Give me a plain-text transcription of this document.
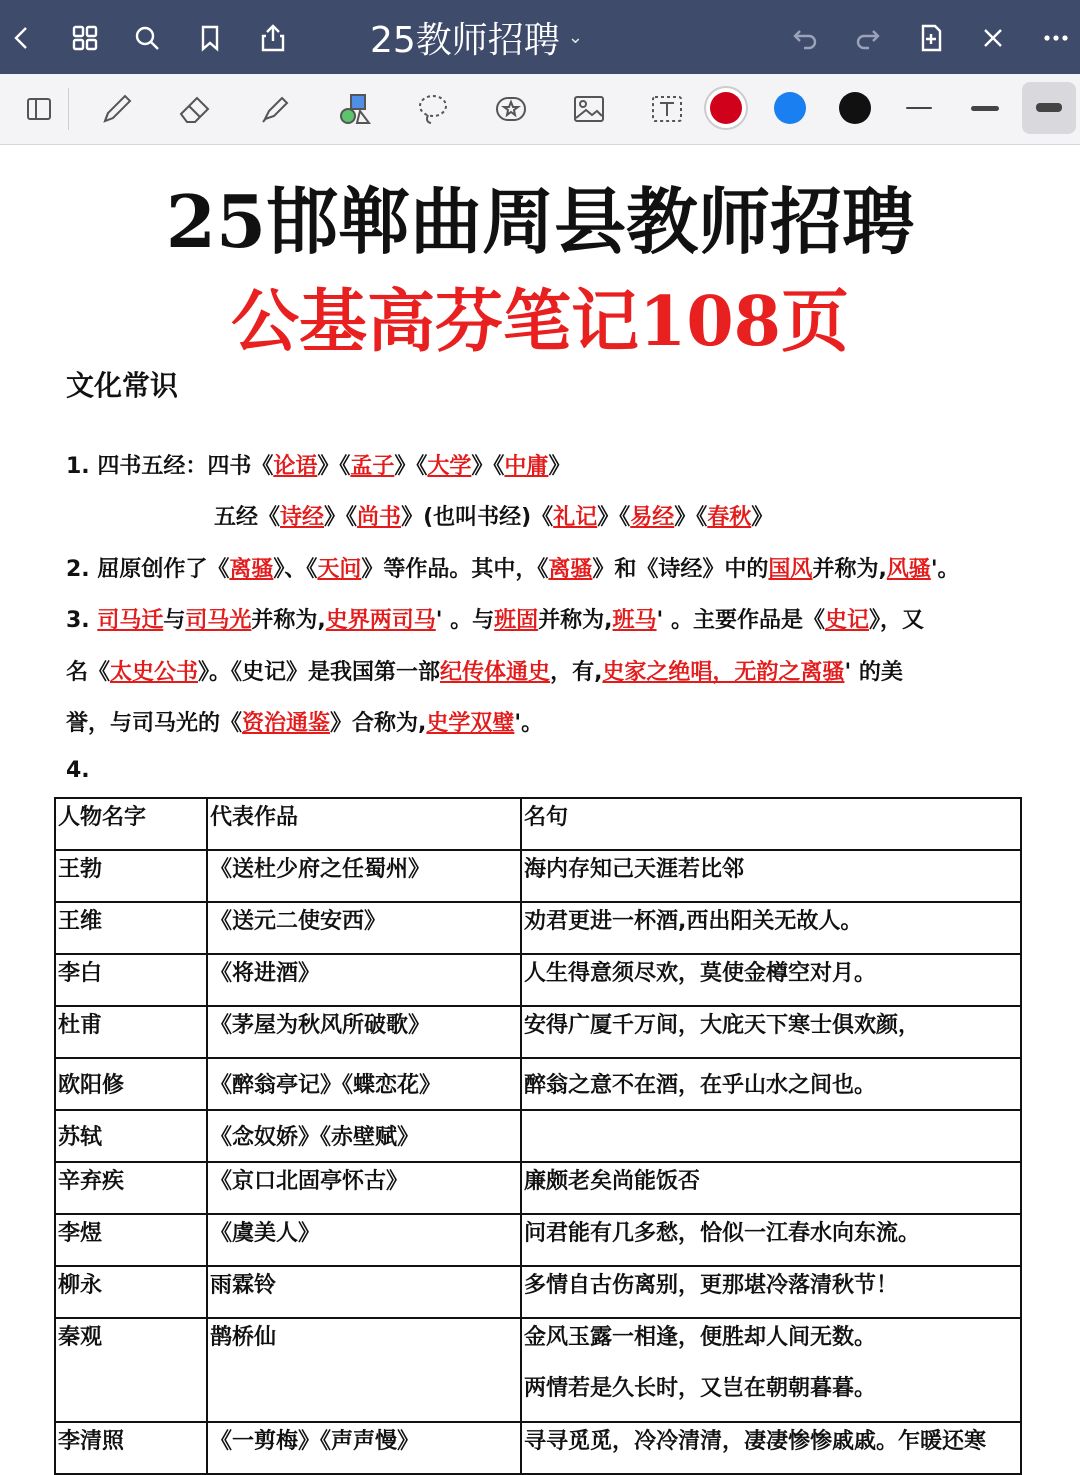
25教师招聘 ⌄
25邯郸曲周县教师招聘
公基高芬笔记108页
文化常识
1. 四书五经：四书《论语》《孟子》《大学》《中庸》
五经《诗经》《尚书》(也叫书经)《礼记》《易经》《春秋》
2. 屈原创作了《离骚》、《天问》等作品。其中，《离骚》和《诗经》中的国风并称为,风骚'。
3. 司马迁与司马光并称为,史界两司马' 。与班固并称为,班马' 。主要作品是《史记》，又
名《太史公书》。《史记》是我国第一部纪传体通史，有,史家之绝唱，无韵之离骚' 的美
誉，与司马光的《资治通鉴》合称为,史学双璧'。
4.
人物名字	代表作品	名句
王勃	《送杜少府之任蜀州》	海内存知己天涯若比邻
王维	《送元二使安西》	劝君更进一杯酒,西出阳关无故人。
李白	《将进酒》	人生得意须尽欢，莫使金樽空对月。
杜甫	《茅屋为秋风所破歌》	安得广厦千万间，大庇天下寒士俱欢颜，
欧阳修	《醉翁亭记》《蝶恋花》	醉翁之意不在酒，在乎山水之间也。
苏轼	《念奴娇》《赤壁赋》	
辛弃疾	《京口北固亭怀古》	廉颇老矣尚能饭否
李煜	《虞美人》	问君能有几多愁，恰似一江春水向东流。
柳永	雨霖铃	多情自古伤离别，更那堪冷落清秋节！
秦观	鹊桥仙	金风玉露一相逢，便胜却人间无数。
两情若是久长时，又岂在朝朝暮暮。

李清照	《一剪梅》《声声慢》	寻寻觅觅，冷冷清清，凄凄惨惨戚戚。乍暖还寒
